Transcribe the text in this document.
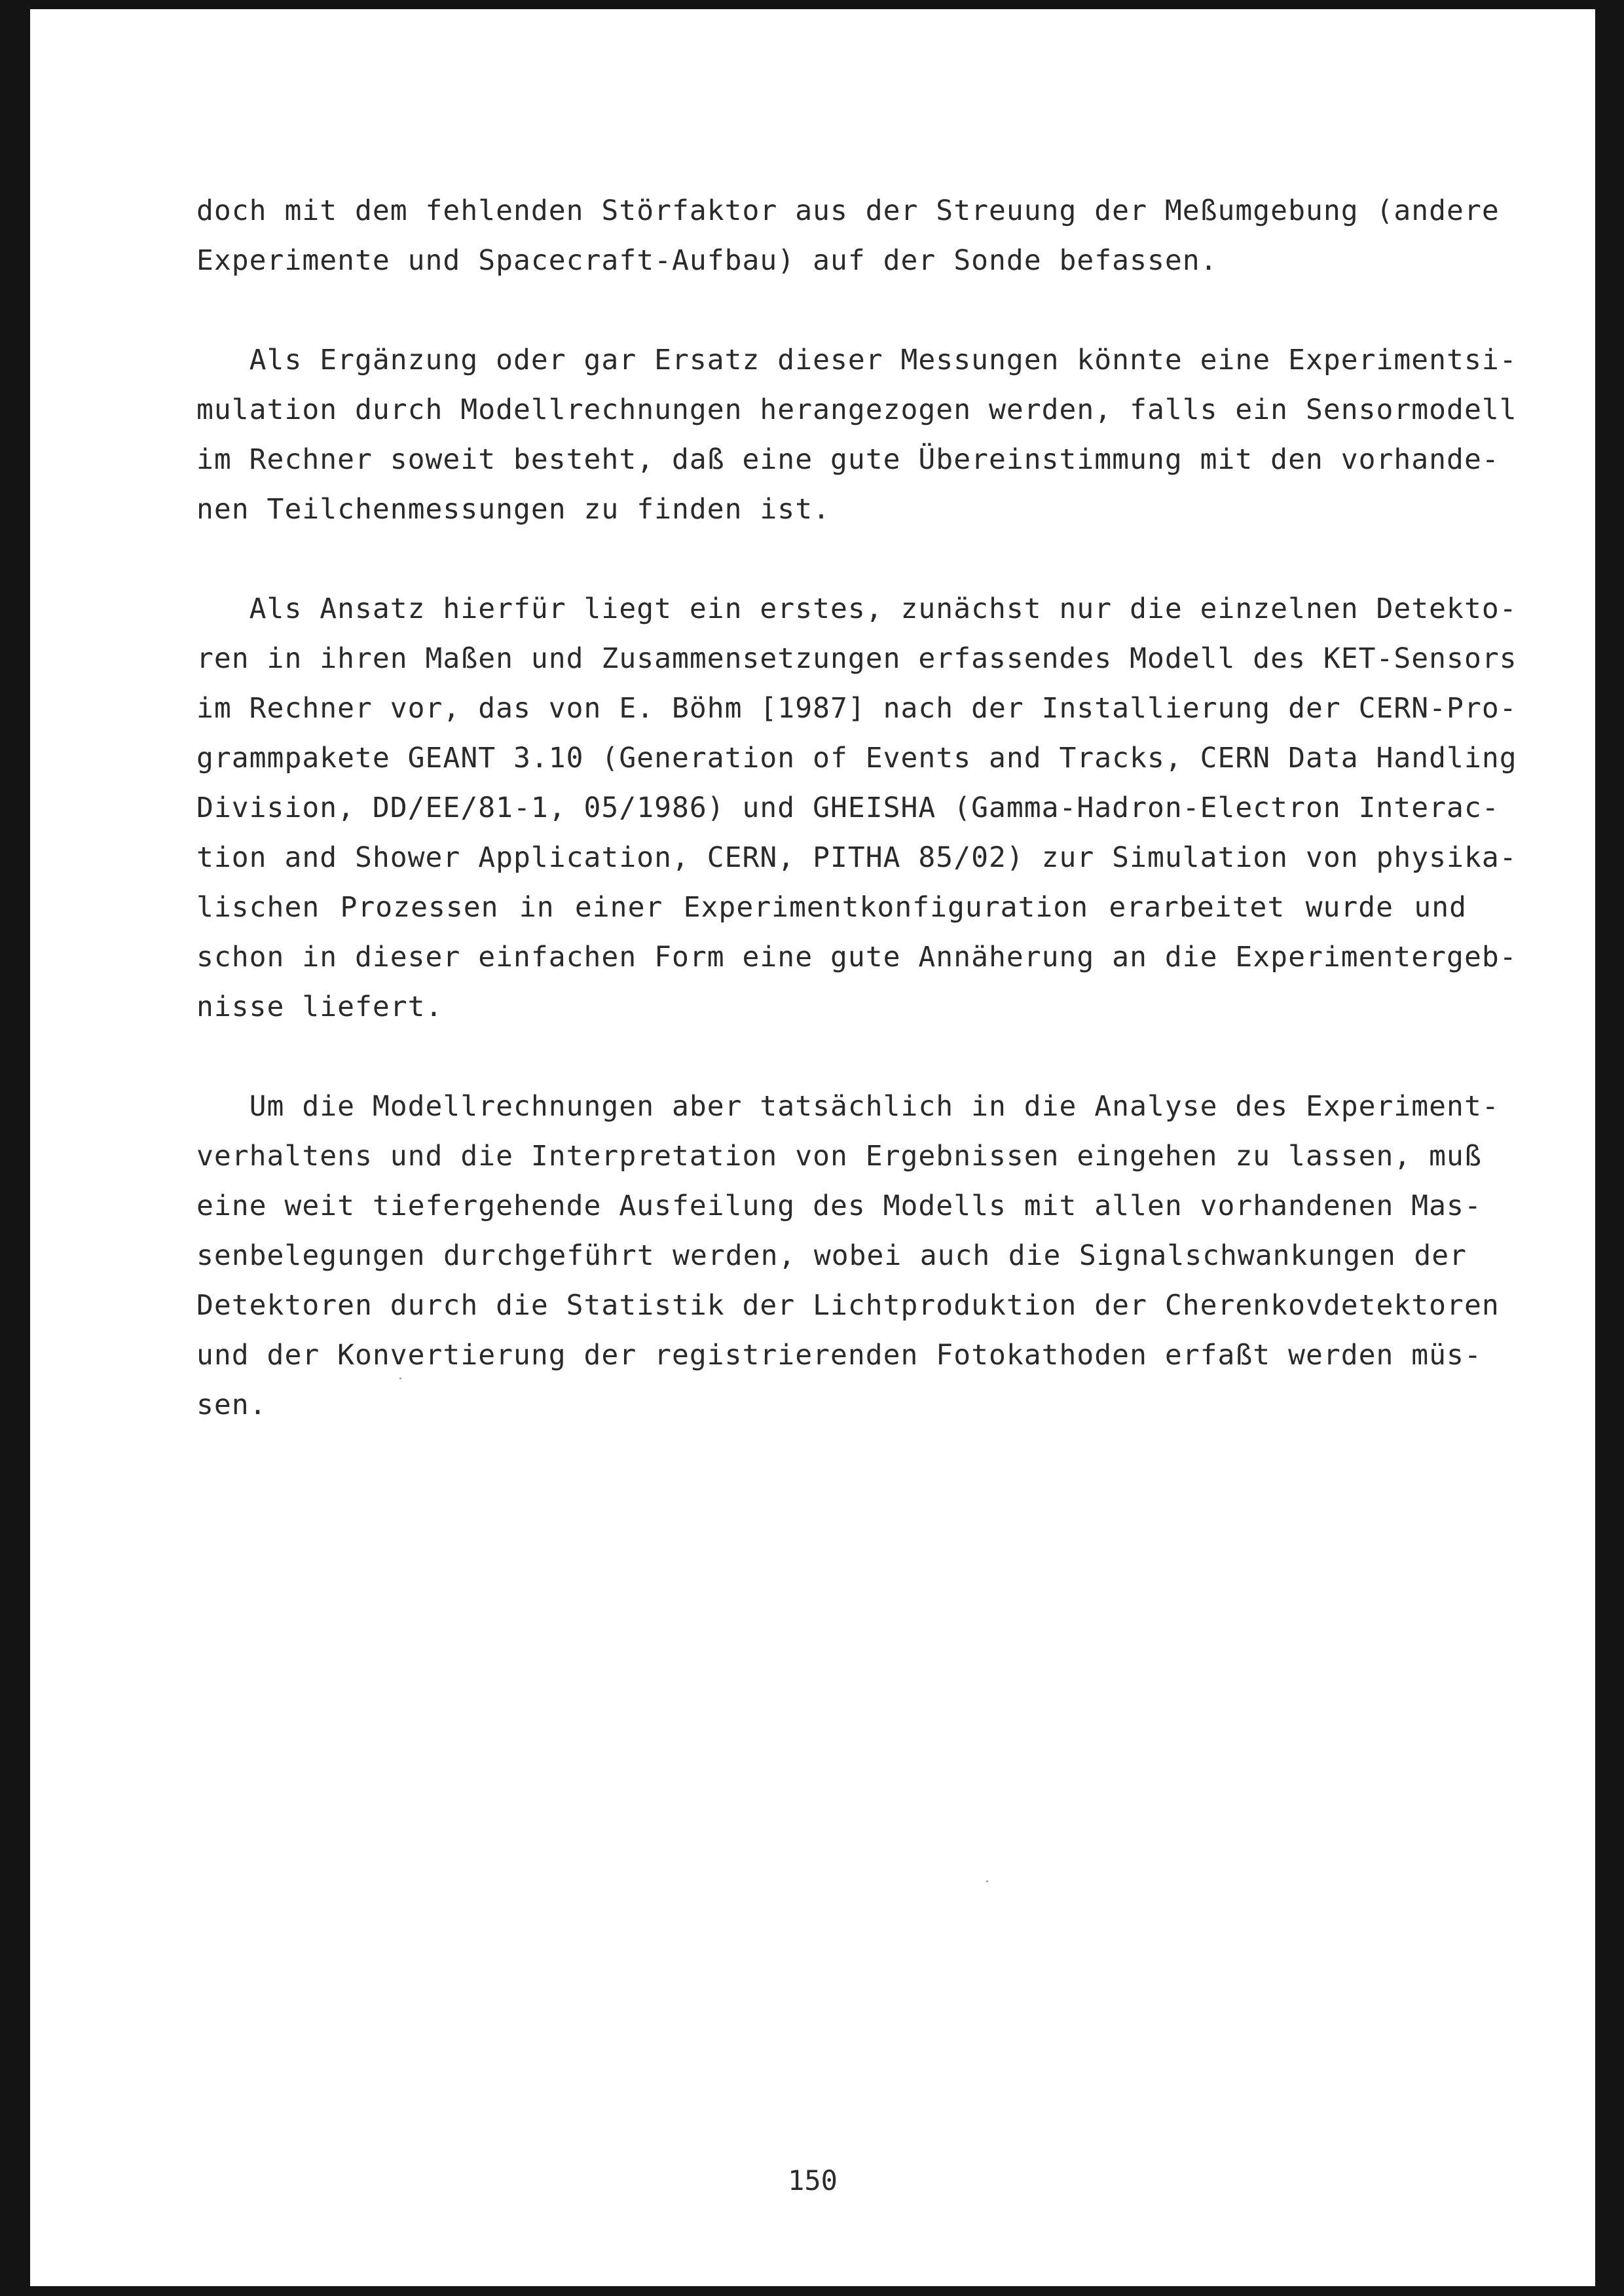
doch mit dem fehlenden Störfaktor aus der Streuung der Meßumgebung (andere
Experimente und Spacecraft-Aufbau) auf der Sonde befassen.
Als Ergänzung oder gar Ersatz dieser Messungen könnte eine Experimentsi-
mulation durch Modellrechnungen herangezogen werden, falls ein Sensormodell
im Rechner soweit besteht, daß eine gute Übereinstimmung mit den vorhande-
nen Teilchenmessungen zu finden ist.
Als Ansatz hierfür liegt ein erstes, zunächst nur die einzelnen Detekto-
ren in ihren Maßen und Zusammensetzungen erfassendes Modell des KET-Sensors
im Rechner vor, das von E. Böhm [1987] nach der Installierung der CERN-Pro-
grammpakete GEANT 3.10 (Generation of Events and Tracks, CERN Data Handling
Division, DD/EE/81-1, 05/1986) und GHEISHA (Gamma-Hadron-Electron Interac-
tion and Shower Application, CERN, PITHA 85/02) zur Simulation von physika-
lischen Prozessen in einer Experimentkonfiguration erarbeitet wurde und
schon in dieser einfachen Form eine gute Annäherung an die Experimentergeb-
nisse liefert.
Um die Modellrechnungen aber tatsächlich in die Analyse des Experiment-
verhaltens und die Interpretation von Ergebnissen eingehen zu lassen, muß
eine weit tiefergehende Ausfeilung des Modells mit allen vorhandenen Mas-
senbelegungen durchgeführt werden, wobei auch die Signalschwankungen der
Detektoren durch die Statistik der Lichtproduktion der Cherenkovdetektoren
und der Konvertierung der registrierenden Fotokathoden erfaßt werden müs-
sen.
150
